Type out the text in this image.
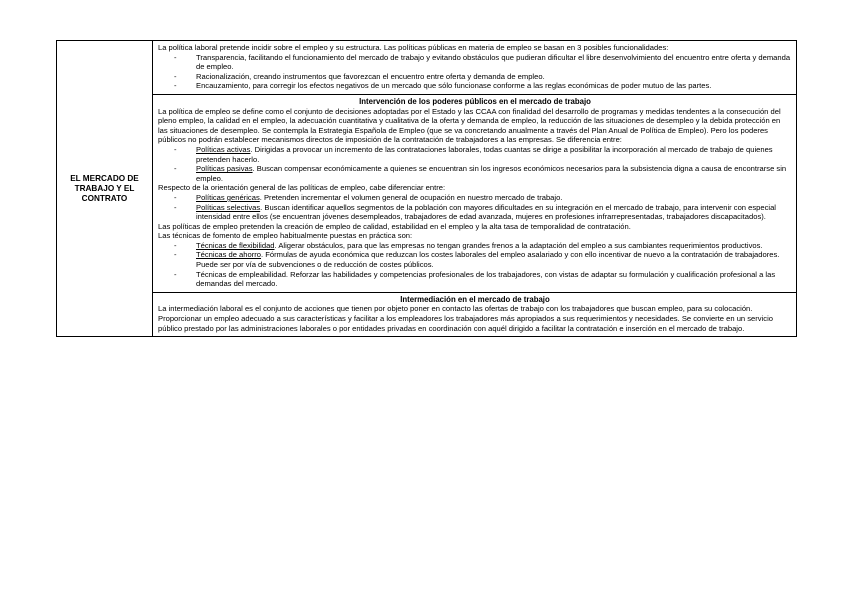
EL MERCADO DE TRABAJO Y EL CONTRATO	

La política laboral pretende incidir sobre el empleo y su estructura. Las políticas públicas en materia de empleo se basan en 3 posibles funcionalidades:

- Transparencia, facilitando el funcionamiento del mercado de trabajo y evitando obstáculos que pudieran dificultar el libre desenvolvimiento del encuentro entre oferta y demanda de empleo.
- Racionalización, creando instrumentos que favorezcan el encuentro entre oferta y demanda de empleo.
- Encauzamiento, para corregir los efectos negativos de un mercado que sólo funcionase conforme a las reglas económicas de poder mutuo de las partes.

Intervención de los poderes públicos en el mercado de trabajo

La política de empleo se define como el conjunto de decisiones adoptadas por el Estado y las CCAA con finalidad del desarrollo de programas y medidas tendentes a la consecución del pleno empleo, la calidad en el empleo, la adecuación cuantitativa y cualitativa de la oferta y demanda de empleo, la reducción de las situaciones de desempleo y la debida protección en las situaciones de desempleo. Se contempla la Estrategia Española de Empleo (que se va concretando anualmente a través del Plan Anual de Política de Empleo). Pero los poderes públicos no podrán establecer mecanismos directos de imposición de la contratación de trabajadores a las empresas. Se diferencia entre:

- Políticas activas. Dirigidas a provocar un incremento de las contrataciones laborales, todas cuantas se dirige a posibilitar la incorporación al mercado de trabajo de quienes pretenden hacerlo.
- Políticas pasivas. Buscan compensar económicamente a quienes se encuentran sin los ingresos económicos necesarios para la subsistencia digna a causa de encontrarse sin empleo.

Respecto de la orientación general de las políticas de empleo, cabe diferenciar entre:

- Políticas genéricas. Pretenden incrementar el volumen general de ocupación en nuestro mercado de trabajo.
- Políticas selectivas. Buscan identificar aquellos segmentos de la población con mayores dificultades en su integración en el mercado de trabajo, para intervenir con especial intensidad entre ellos (se encuentran jóvenes desempleados, trabajadores de edad avanzada, mujeres en profesiones infrarrepresentadas, trabajadores discapacitados).

Las políticas de empleo pretenden la creación de empleo de calidad, estabilidad en el empleo y la alta tasa de temporalidad de contratación.

Las técnicas de fomento de empleo habitualmente puestas en práctica son:

- Técnicas de flexibilidad. Aligerar obstáculos, para que las empresas no tengan grandes frenos a la adaptación del empleo a sus cambiantes requerimientos productivos.
- Técnicas de ahorro. Fórmulas de ayuda económica que reduzcan los costes laborales del empleo asalariado y con ello incentivar de nuevo a la contratación de trabajadores. Puede ser por vía de subvenciones o de reducción de costes públicos.
- Técnicas de empleabilidad. Reforzar las habilidades y competencias profesionales de los trabajadores, con vistas de adaptar su formulación y cualificación profesional a las demandas del mercado.

Intermediación en el mercado de trabajo

La intermediación laboral es el conjunto de acciones que tienen por objeto poner en contacto las ofertas de trabajo con los trabajadores que buscan empleo, para su colocación. Proporcionar un empleo adecuado a sus características y facilitar a los empleadores los trabajadores más apropiados a sus requerimientos y necesidades. Se convierte en un servicio público prestado por las administraciones laborales o por entidades privadas en coordinación con aquél dirigido a facilitar la contratación e inserción en el mercado de trabajo.
